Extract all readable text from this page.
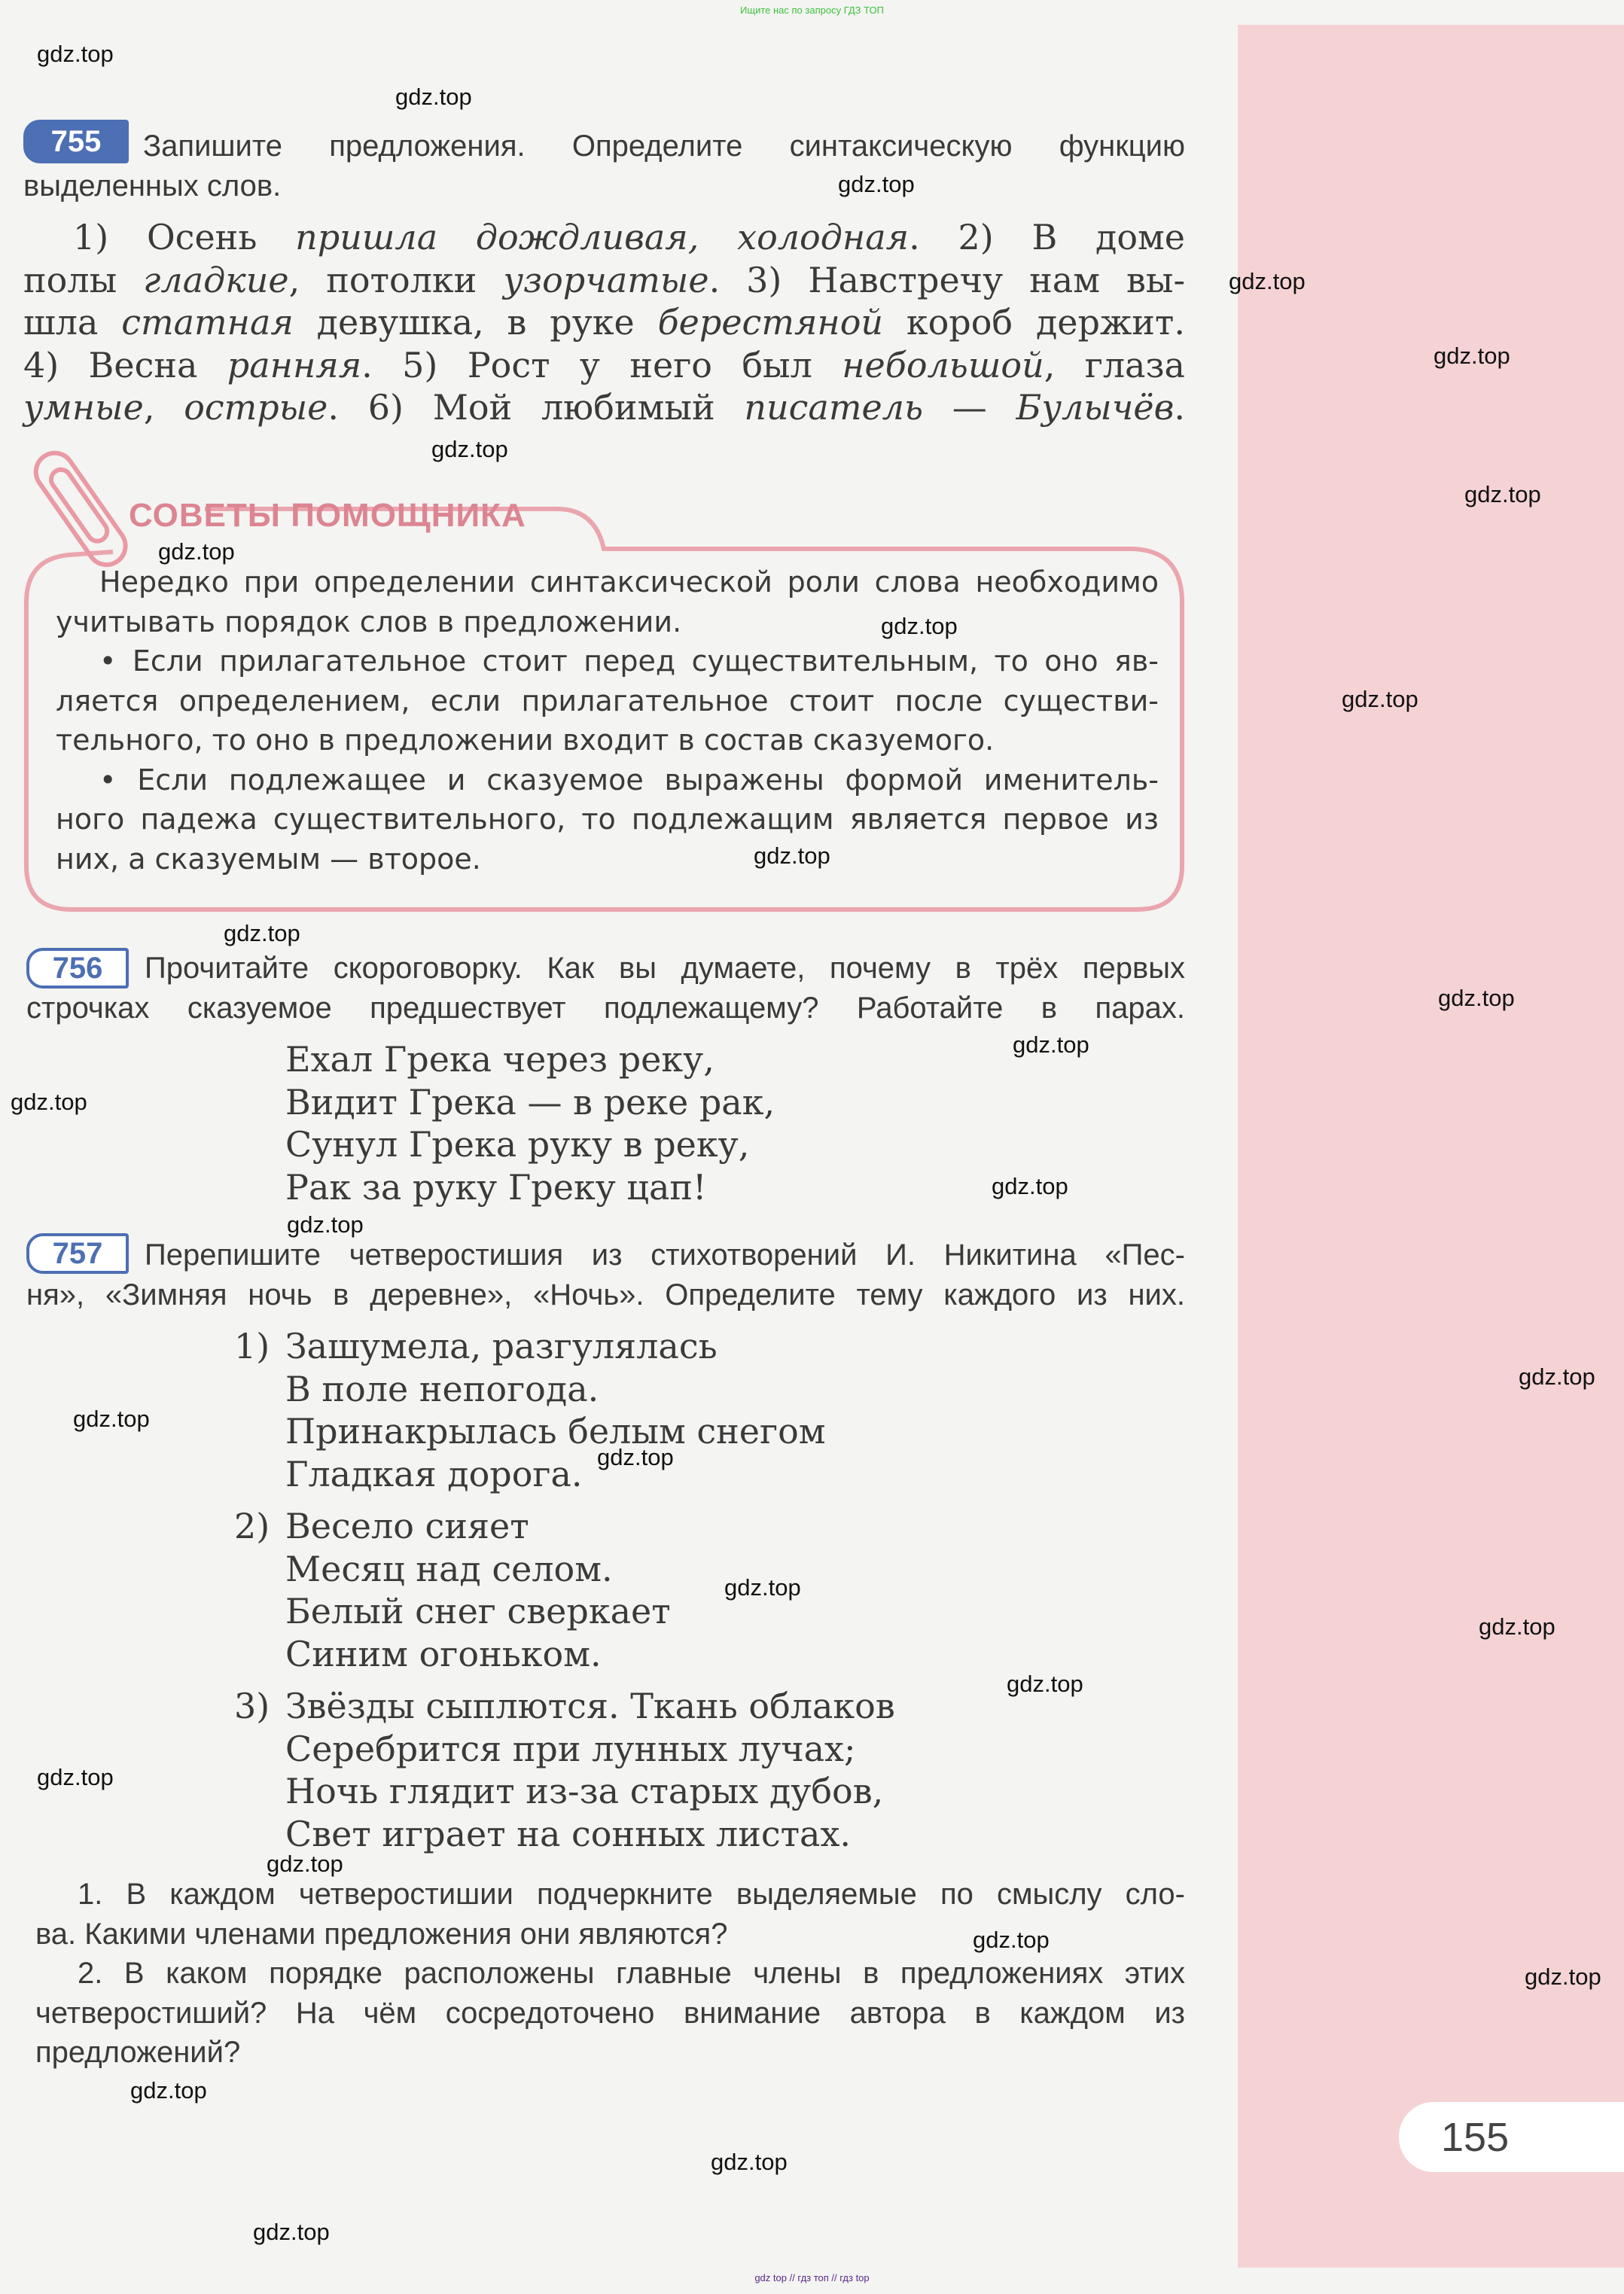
Ищите нас по запросу ГДЗ ТОП
755	Запишите предложения. Определите синтаксическую функцию
выделенных слов.
1) Осень пришла дождливая, холодная. 2) В доме
полы гладкие, потолки узорчатые. 3) Навстречу нам вы-
шла статная девушка, в руке берестяной короб держит.
4) Весна ранняя. 5) Рост у него был небольшой, глаза
умные, острые. 6) Мой любимый писатель — Булычёв.
СОВЕТЫ ПОМОЩНИКА
Нередко при определении синтаксической роли слова необходимо
учитывать порядок слов в предложении.
• Если прилагательное стоит перед существительным, то оно яв-
ляется определением, если прилагательное стоит после существи-
тельного, то оно в предложении входит в состав сказуемого.
• Если подлежащее и сказуемое выражены формой именитель-
ного падежа существительного, то подлежащим является первое из
них, а сказуемым — второе.
756	Прочитайте скороговорку. Как вы думаете, почему в трёх первых
строчках сказуемое предшествует подлежащему? Работайте в парах.
Ехал Грека через реку,
Видит Грека — в реке рак,
Сунул Грека руку в реку,
Рак за руку Греку цап!
757	Перепишите четверостишия из стихотворений И. Никитина «Пес-
ня», «Зимняя ночь в деревне», «Ночь». Определите тему каждого из них.
1) Зашумела, разгулялась
В поле непогода.
Принакрылась белым снегом
Гладкая дорога.
2) Весело сияет
Месяц над селом.
Белый снег сверкает
Синим огоньком.
3) Звёзды сыплются. Ткань облаков
Серебрится при лунных лучах;
Ночь глядит из-за старых дубов,
Свет играет на сонных листах.
1. В каждом четверостишии подчеркните выделяемые по смыслу сло-
ва. Какими членами предложения они являются?
2. В каком порядке расположены главные члены в предложениях этих
четверостиший? На чём сосредоточено внимание автора в каждом из
предложений?
155
gdz.top
gdz.top
gdz.top
gdz.top
gdz.top
gdz.top
gdz.top
gdz.top
gdz.top
gdz.top
gdz.top
gdz.top
gdz.top
gdz.top
gdz.top
gdz.top
gdz.top
gdz.top
gdz.top
gdz.top
gdz.top
gdz.top
gdz.top
gdz.top
gdz.top
gdz.top
gdz.top
gdz.top
gdz.top
gdz.top
gdz top // гдз топ // гдз top
